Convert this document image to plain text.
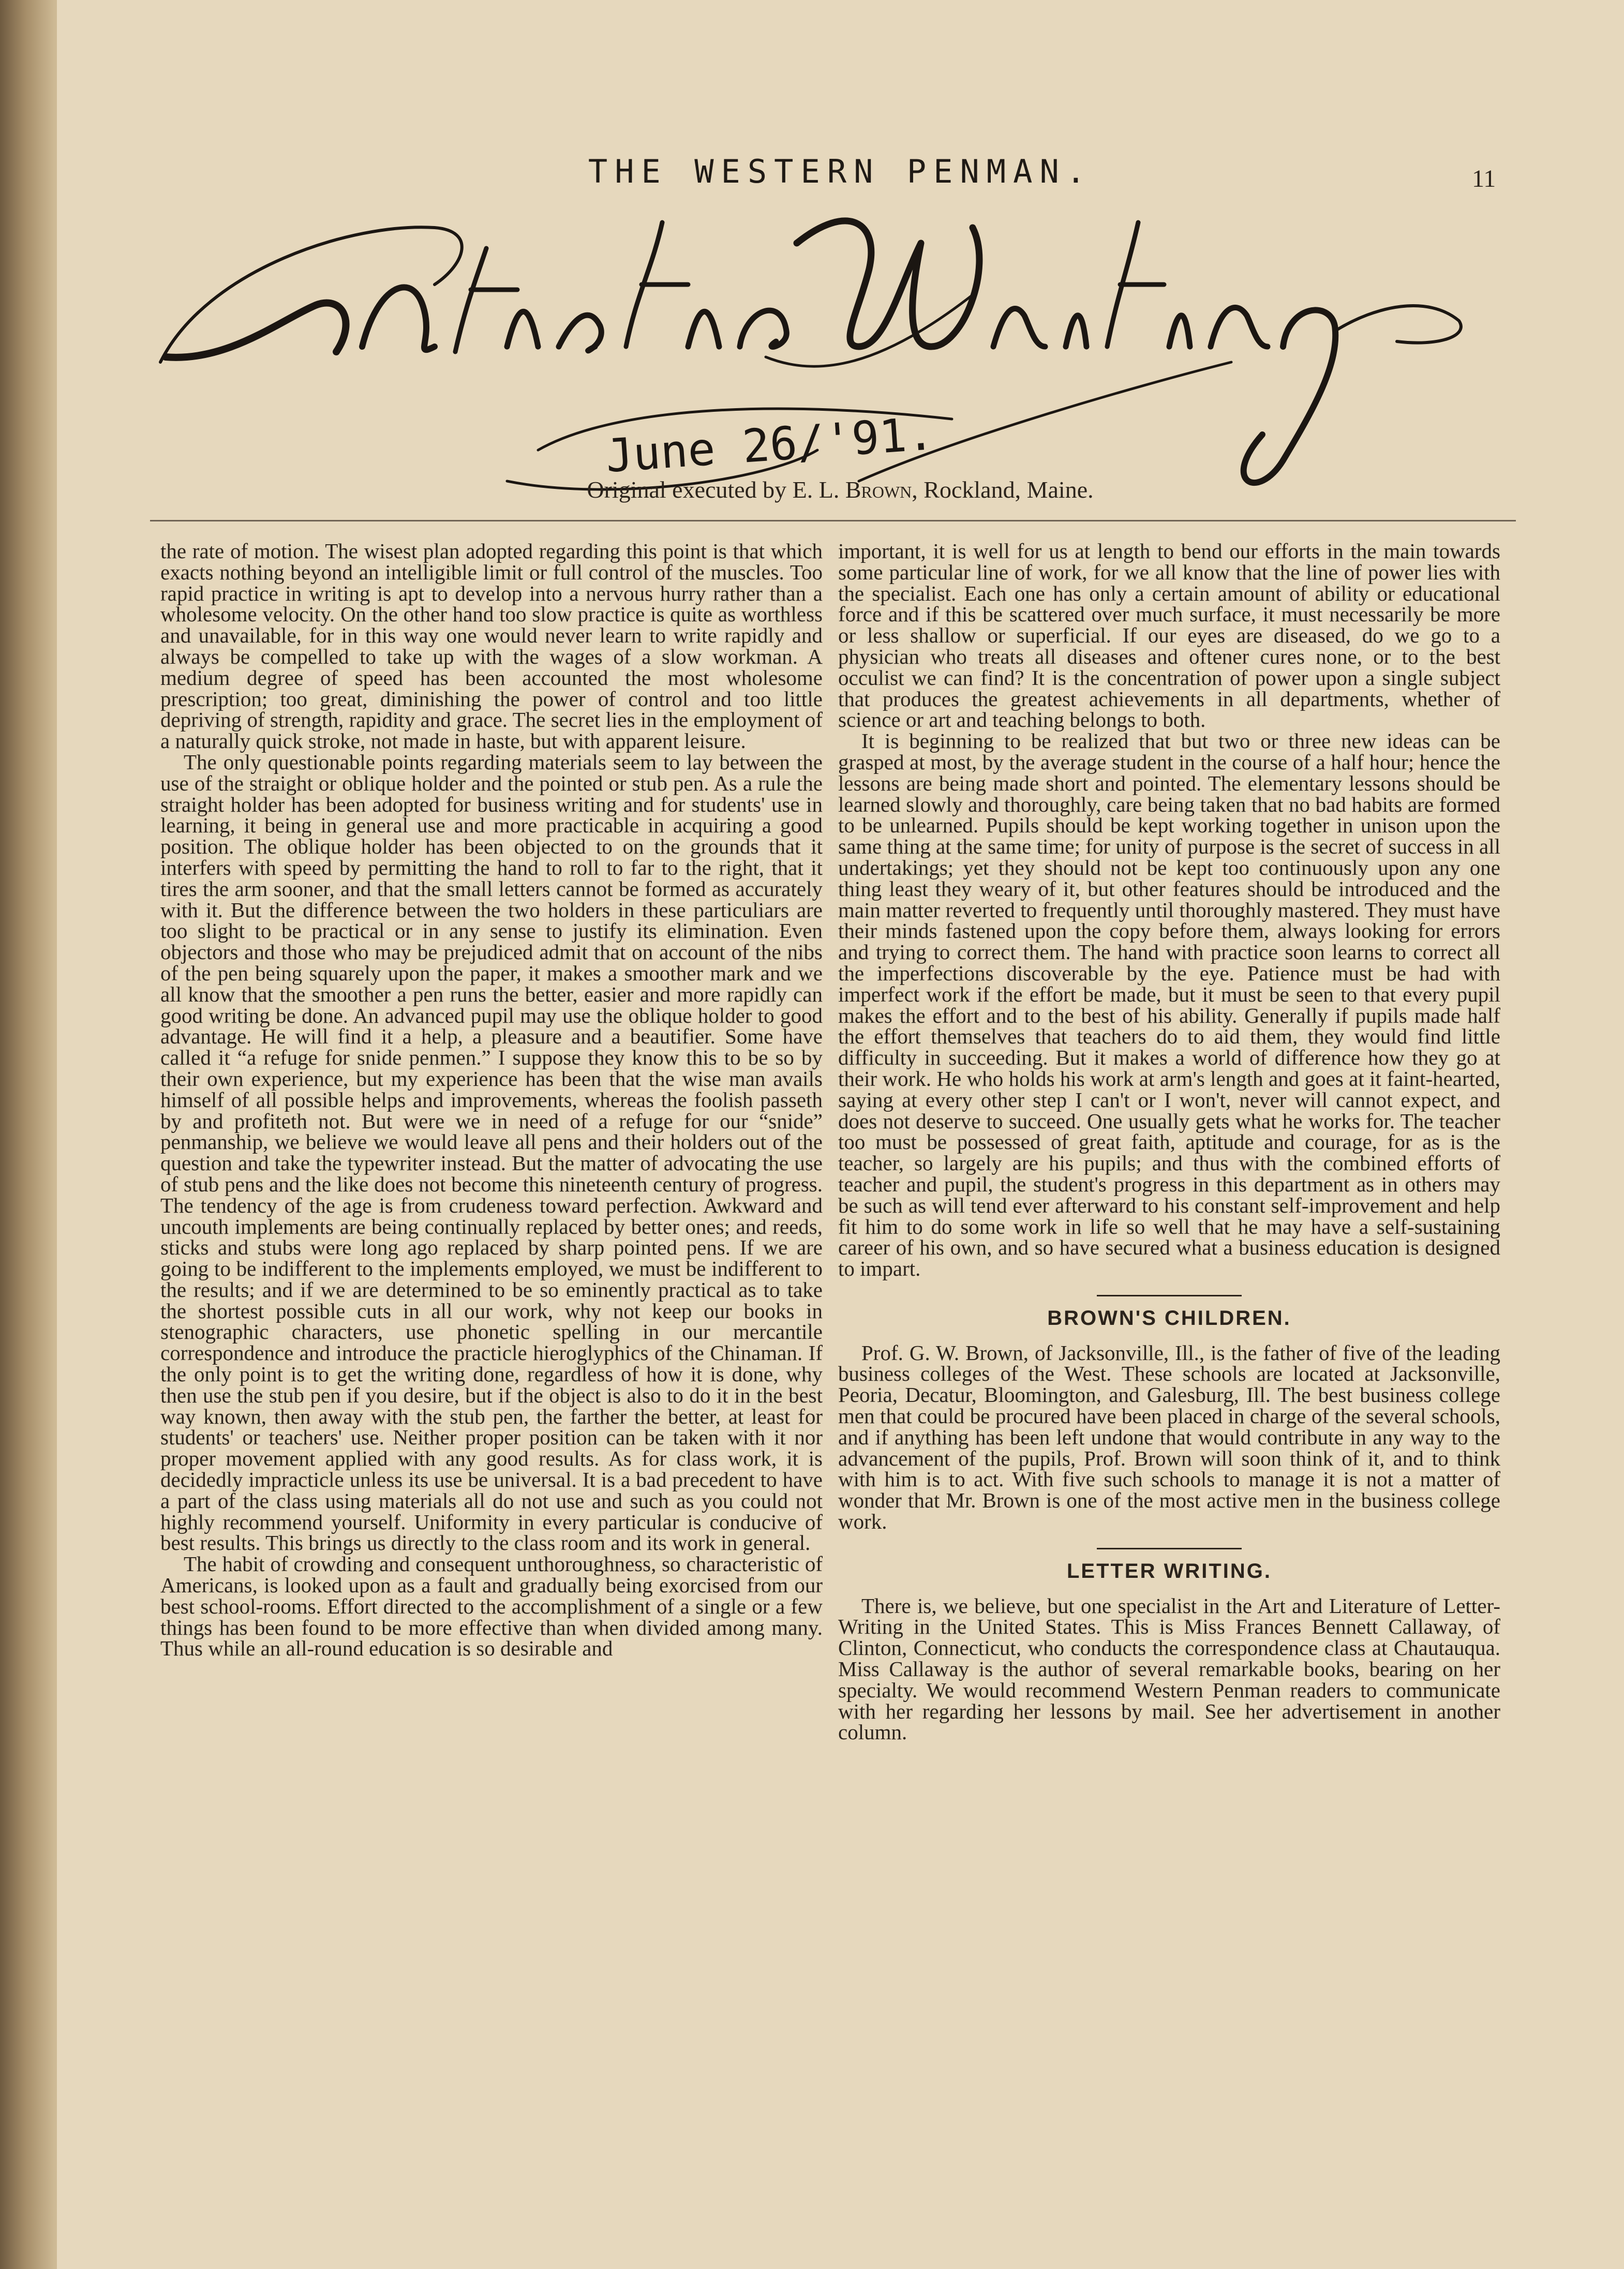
THE WESTERN PENMAN.	11
June 26/'91.
Original executed by E. L. Brown, Rockland, Maine.

the rate of motion. The wisest plan adopted regarding this point is that which exacts nothing beyond an intelligible limit or full control of the muscles. Too rapid practice in writing is apt to develop into a nervous hurry rather than a wholesome velocity. On the other hand too slow practice is quite as worthless and unavailable, for in this way one would never learn to write rapidly and always be compelled to take up with the wages of a slow workman. A medium degree of speed has been accounted the most wholesome prescription; too great, diminishing the power of control and too little depriving of strength, rapidity and grace. The secret lies in the employment of a naturally quick stroke, not made in haste, but with apparent leisure.

The only questionable points regarding materials seem to lay between the use of the straight or oblique holder and the pointed or stub pen. As a rule the straight holder has been adopted for business writing and for students' use in learning, it being in general use and more practicable in acquiring a good position. The oblique holder has been objected to on the grounds that it interfers with speed by permitting the hand to roll to far to the right, that it tires the arm sooner, and that the small letters cannot be formed as accurately with it. But the difference between the two holders in these particuliars are too slight to be practical or in any sense to justify its elimination. Even objectors and those who may be prejudiced admit that on account of the nibs of the pen being squarely upon the paper, it makes a smoother mark and we all know that the smoother a pen runs the better, easier and more rapidly can good writing be done. An advanced pupil may use the oblique holder to good advantage. He will find it a help, a pleasure and a beautifier. Some have called it “a refuge for snide penmen.” I suppose they know this to be so by their own experience, but my experience has been that the wise man avails himself of all possible helps and improvements, whereas the foolish passeth by and profiteth not. But were we in need of a refuge for our “snide” penmanship, we believe we would leave all pens and their holders out of the question and take the typewriter instead. But the matter of advocating the use of stub pens and the like does not become this nineteenth century of progress. The tendency of the age is from crudeness toward perfection. Awkward and uncouth implements are being continually replaced by better ones; and reeds, sticks and stubs were long ago replaced by sharp pointed pens. If we are going to be indifferent to the implements employed, we must be indifferent to the results; and if we are determined to be so eminently practical as to take the shortest possible cuts in all our work, why not keep our books in stenographic characters, use phonetic spelling in our mercantile correspondence and introduce the practicle hieroglyphics of the Chinaman. If the only point is to get the writing done, regardless of how it is done, why then use the stub pen if you desire, but if the object is also to do it in the best way known, then away with the stub pen, the farther the better, at least for students' or teachers' use. Neither proper position can be taken with it nor proper movement applied with any good results. As for class work, it is decidedly impracticle unless its use be universal. It is a bad precedent to have a part of the class using materials all do not use and such as you could not highly recommend yourself. Uniformity in every particular is conducive of best results. This brings us directly to the class room and its work in general.

The habit of crowding and consequent unthoroughness, so characteristic of Americans, is looked upon as a fault and gradually being exorcised from our best school-rooms. Effort directed to the accomplishment of a single or a few things has been found to be more effective than when divided among many. Thus while an all-round education is so desirable and

important, it is well for us at length to bend our efforts in the main towards some particular line of work, for we all know that the line of power lies with the specialist. Each one has only a certain amount of ability or educational force and if this be scattered over much surface, it must necessarily be more or less shallow or superficial. If our eyes are diseased, do we go to a physician who treats all diseases and oftener cures none, or to the best occulist we can find? It is the concentration of power upon a single subject that produces the greatest achievements in all departments, whether of science or art and teaching belongs to both.

It is beginning to be realized that but two or three new ideas can be grasped at most, by the average student in the course of a half hour; hence the lessons are being made short and pointed. The elementary lessons should be learned slowly and thoroughly, care being taken that no bad habits are formed to be unlearned. Pupils should be kept working together in unison upon the same thing at the same time; for unity of purpose is the secret of success in all undertakings; yet they should not be kept too continuously upon any one thing least they weary of it, but other features should be introduced and the main matter reverted to frequently until thoroughly mastered. They must have their minds fastened upon the copy before them, always looking for errors and trying to correct them. The hand with practice soon learns to correct all the imperfections discoverable by the eye. Patience must be had with imperfect work if the effort be made, but it must be seen to that every pupil makes the effort and to the best of his ability. Generally if pupils made half the effort themselves that teachers do to aid them, they would find little difficulty in succeeding. But it makes a world of difference how they go at their work. He who holds his work at arm's length and goes at it faint-hearted, saying at every other step I can't or I won't, never will cannot expect, and does not deserve to succeed. One usually gets what he works for. The teacher too must be possessed of great faith, aptitude and courage, for as is the teacher, so largely are his pupils; and thus with the combined efforts of teacher and pupil, the student's progress in this department as in others may be such as will tend ever afterward to his constant self-improvement and help fit him to do some work in life so well that he may have a self-sustaining career of his own, and so have secured what a business education is designed to impart.

BROWN'S CHILDREN.

Prof. G. W. Brown, of Jacksonville, Ill., is the father of five of the leading business colleges of the West. These schools are located at Jacksonville, Peoria, Decatur, Bloomington, and Galesburg, Ill. The best business college men that could be procured have been placed in charge of the several schools, and if anything has been left undone that would contribute in any way to the advancement of the pupils, Prof. Brown will soon think of it, and to think with him is to act. With five such schools to manage it is not a matter of wonder that Mr. Brown is one of the most active men in the business college work.

LETTER WRITING.

There is, we believe, but one specialist in the Art and Literature of Letter-Writing in the United States. This is Miss Frances Bennett Callaway, of Clinton, Connecticut, who conducts the correspondence class at Chautauqua. Miss Callaway is the author of several remarkable books, bearing on her specialty. We would recommend Western Penman readers to communicate with her regarding her lessons by mail. See her advertisement in another column.
